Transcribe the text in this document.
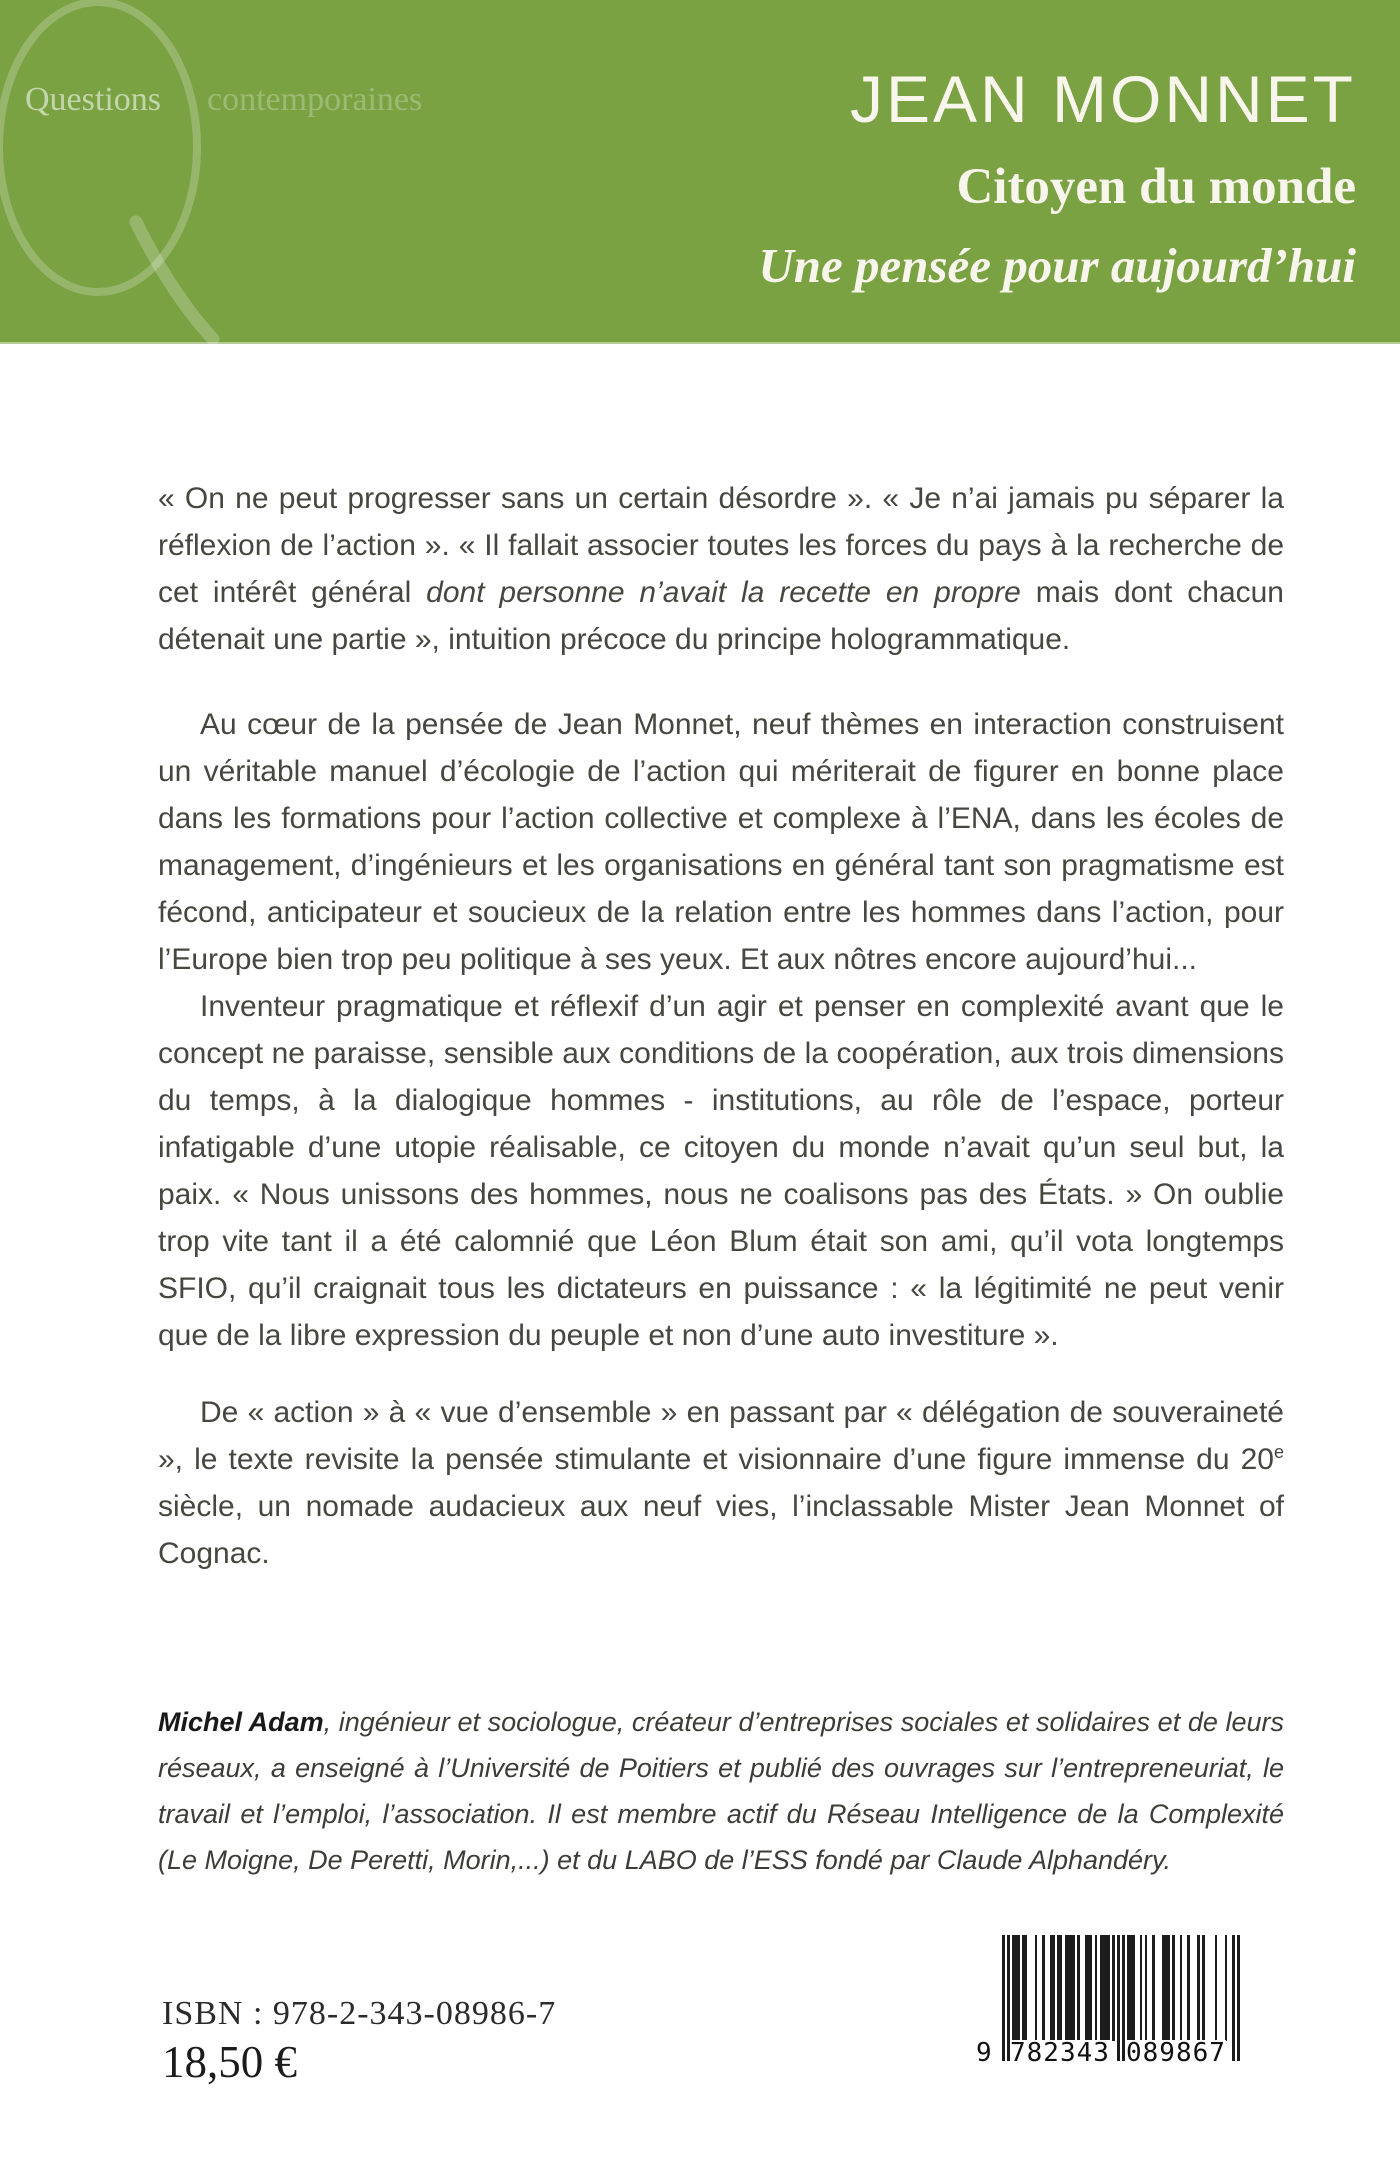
Questions contemporaines	JEAN MONNET
Citoyen du monde
Une pensée pour aujourd’hui

« On ne peut progresser sans un certain désordre ». « Je n’ai jamais pu séparer la réflexion de l’action ». « Il fallait associer toutes les forces du pays à la recherche de cet intérêt général dont personne n’avait la recette en propre mais dont chacun détenait une partie », intuition précoce du principe hologrammatique.

Au cœur de la pensée de Jean Monnet, neuf thèmes en interaction construisent un véritable manuel d’écologie de l’action qui mériterait de figurer en bonne place dans les formations pour l’action collective et complexe à l’ENA, dans les écoles de management, d’ingénieurs et les organisations en général tant son pragmatisme est fécond, anticipateur et soucieux de la relation entre les hommes dans l’action, pour l’Europe bien trop peu politique à ses yeux. Et aux nôtres encore aujourd’hui...

Inventeur pragmatique et réflexif d’un agir et penser en complexité avant que le concept ne paraisse, sensible aux conditions de la coopération, aux trois dimensions du temps, à la dialogique hommes - institutions, au rôle de l’espace, porteur infatigable d’une utopie réalisable, ce citoyen du monde n’avait qu’un seul but, la paix. « Nous unissons des hommes, nous ne coalisons pas des États. » On oublie trop vite tant il a été calomnié que Léon Blum était son ami, qu’il vota longtemps SFIO, qu’il craignait tous les dictateurs en puissance : « la légitimité ne peut venir que de la libre expression du peuple et non d’une auto investiture ».

De « action » à « vue d’ensemble » en passant par « délégation de souveraineté », le texte revisite la pensée stimulante et visionnaire d’une figure immense du 20e siècle, un nomade audacieux aux neuf vies, l’inclassable Mister Jean Monnet of Cognac.

Michel Adam, ingénieur et sociologue, créateur d’entreprises sociales et solidaires et de leurs réseaux, a enseigné à l’Université de Poitiers et publié des ouvrages sur l’entrepreneuriat, le travail et l’emploi, l’association. Il est membre actif du Réseau Intelligence de la Complexité (Le Moigne, De Peretti, Morin,...) et du LABO de l’ESS fondé par Claude Alphandéry.

ISBN : 978-2-343-08986-7
18,50 €	9 782343 089867
